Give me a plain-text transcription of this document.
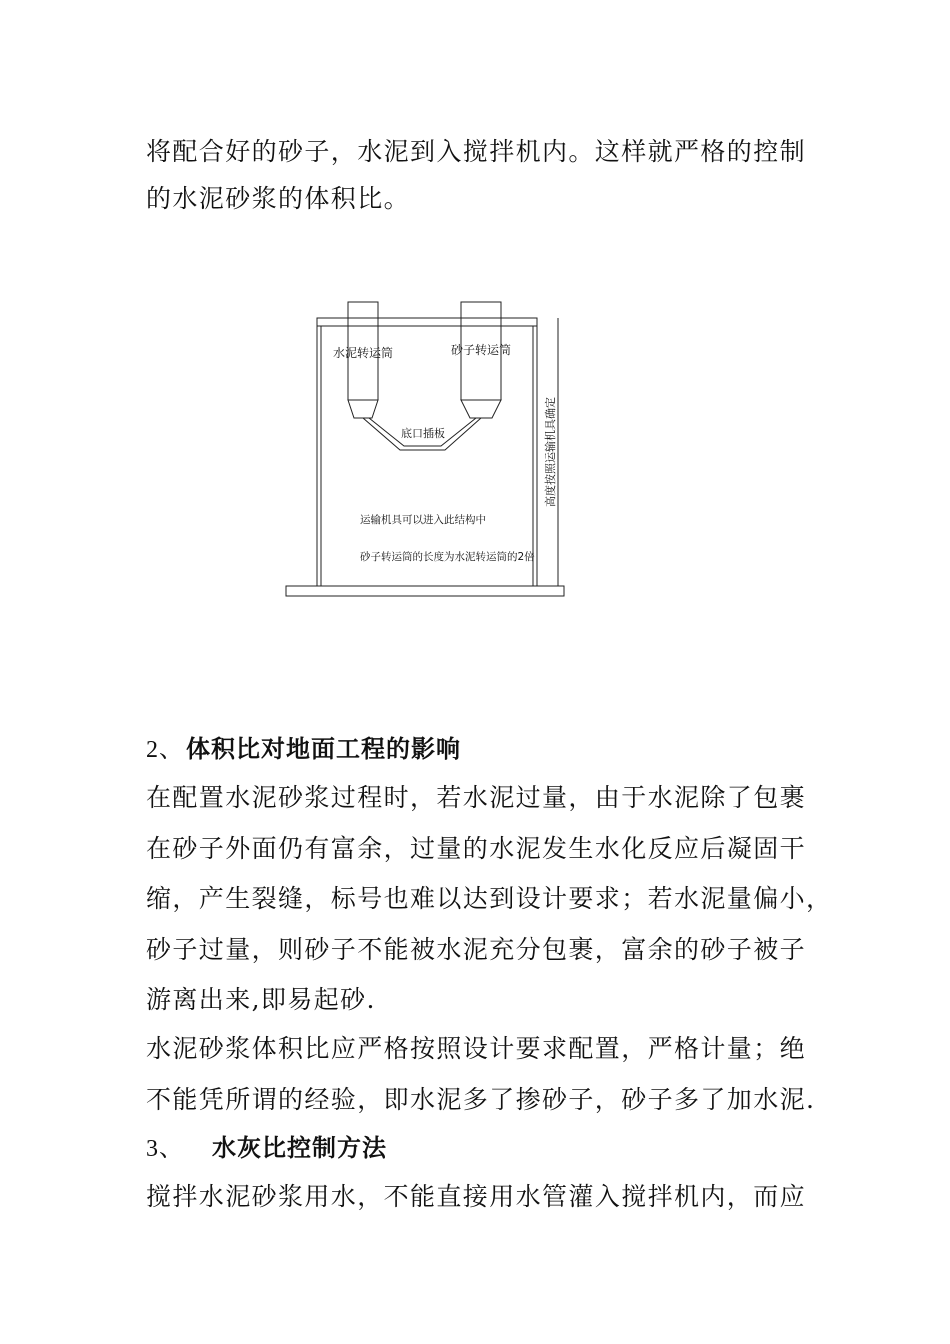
将配合好的砂子，水泥到入搅拌机内。这样就严格的控制
的水泥砂浆的体积比。
水泥转运筒	砂子转运筒
底口插板
运输机具可以进入此结构中
砂子转运筒的长度为水泥转运筒的2倍
高度按照运输机具确定
2、体积比对地面工程的影响
在配置水泥砂浆过程时，若水泥过量，由于水泥除了包裹
在砂子外面仍有富余，过量的水泥发生水化反应后凝固干
缩，产生裂缝，标号也难以达到设计要求；若水泥量偏小，
砂子过量，则砂子不能被水泥充分包裹，富余的砂子被子
游离出来,即易起砂.
水泥砂浆体积比应严格按照设计要求配置，严格计量；绝
不能凭所谓的经验，即水泥多了掺砂子，砂子多了加水泥.
3、 水灰比控制方法
搅拌水泥砂浆用水，不能直接用水管灌入搅拌机内，而应
